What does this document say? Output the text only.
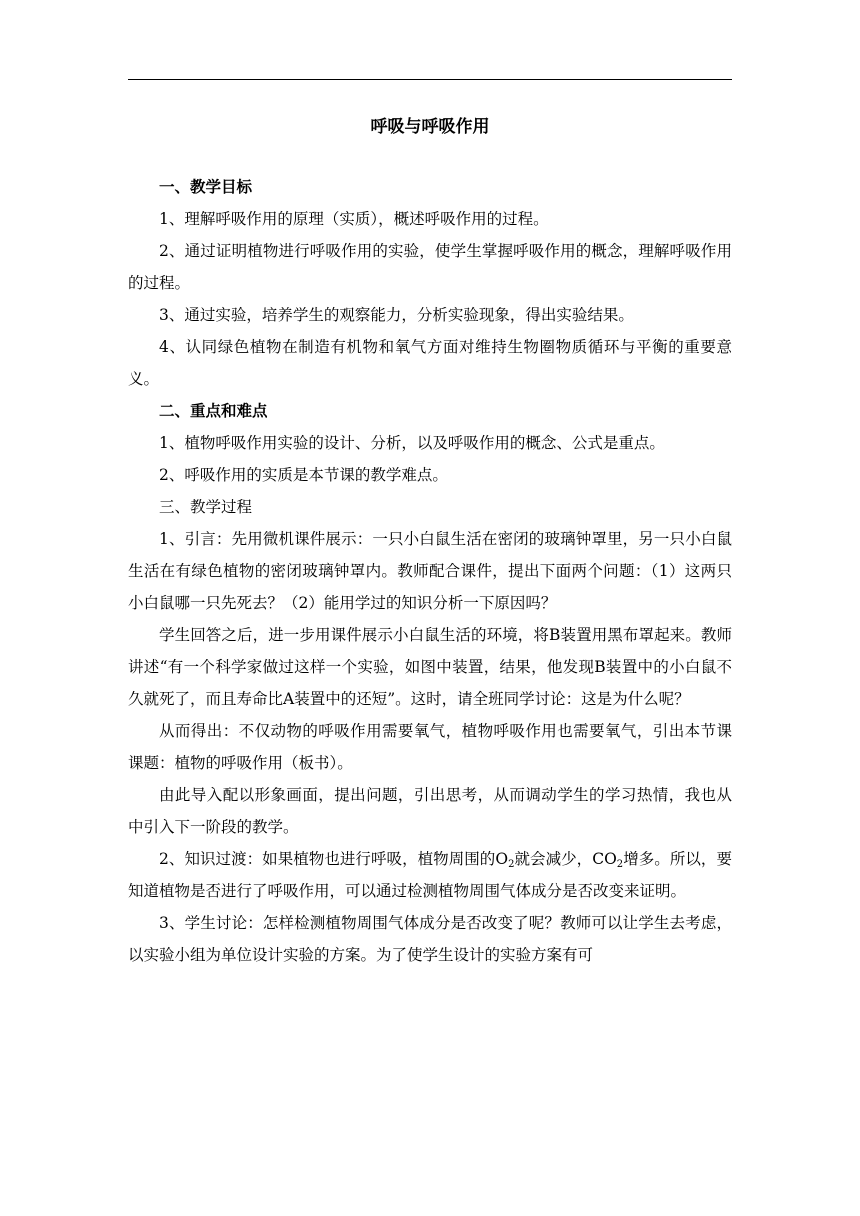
呼吸与呼吸作用

一、教学目标

1、理解呼吸作用的原理（实质），概述呼吸作用的过程。

2、通过证明植物进行呼吸作用的实验，使学生掌握呼吸作用的概念，理解呼吸作用的过程。

3、通过实验，培养学生的观察能力，分析实验现象，得出实验结果。

4、认同绿色植物在制造有机物和氧气方面对维持生物圈物质循环与平衡的重要意义。

二、重点和难点

1、植物呼吸作用实验的设计、分析，以及呼吸作用的概念、公式是重点。

2、呼吸作用的实质是本节课的教学难点。

三、教学过程

1、引言：先用微机课件展示：一只小白鼠生活在密闭的玻璃钟罩里，另一只小白鼠生活在有绿色植物的密闭玻璃钟罩内。教师配合课件，提出下面两个问题：（1）这两只小白鼠哪一只先死去？（2）能用学过的知识分析一下原因吗？

学生回答之后，进一步用课件展示小白鼠生活的环境，将B装置用黑布罩起来。教师讲述“有一个科学家做过这样一个实验，如图中装置，结果，他发现B装置中的小白鼠不久就死了，而且寿命比A装置中的还短”。这时，请全班同学讨论：这是为什么呢？

从而得出：不仅动物的呼吸作用需要氧气，植物呼吸作用也需要氧气，引出本节课课题：植物的呼吸作用（板书）。

由此导入配以形象画面，提出问题，引出思考，从而调动学生的学习热情，我也从中引入下一阶段的教学。

2、知识过渡：如果植物也进行呼吸，植物周围的$O_2$就会减少，$CO_2$增多。所以，要知道植物是否进行了呼吸作用，可以通过检测植物周围气体成分是否改变来证明。

3、学生讨论：怎样检测植物周围气体成分是否改变了呢？教师可以让学生去考虑，以实验小组为单位设计实验的方案。为了使学生设计的实验方案有可
